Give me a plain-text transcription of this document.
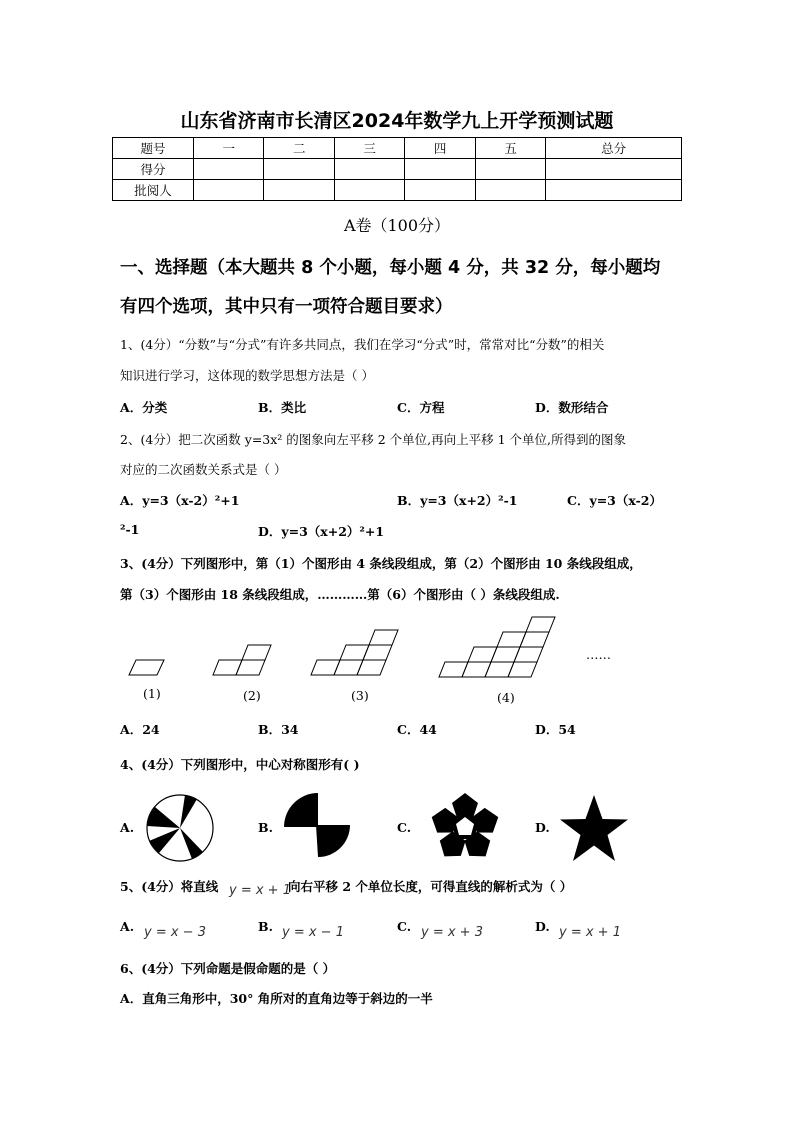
山东省济南市长清区2024年数学九上开学预测试题
题号	一	二	三	四	五	总分
得分						
批阅人						
A卷（100分）
一、选择题（本大题共 8 个小题，每小题 4 分，共 32 分，每小题均
有四个选项，其中只有一项符合题目要求）
1、(4分）“分数”与“分式”有许多共同点，我们在学习“分式”时，常常对比“分数”的相关
知识进行学习，这体现的数学思想方法是（ ）
A．分类	B．类比	C．方程	D．数形结合
2、(4分）把二次函数 y=3x² 的图象向左平移 2 个单位,再向上平移 1 个单位,所得到的图象
对应的二次函数关系式是（ ）
A．y=3（x-2）²+1	B．y=3（x+2）²-1	C．y=3（x-2）
²-1	D．y=3（x+2）²+1
3、(4分）下列图形中，第（1）个图形由 4 条线段组成，第（2）个图形由 10 条线段组成，
第（3）个图形由 18 条线段组成，…………第（6）个图形由（ ）条线段组成.
(1)	(2)	(3)	(4)
……
A．24	B．34	C．44	D．54
4、(4分）下列图形中，中心对称图形有( )
A.	B.	C.	D.
5、(4分）将直线 y = x + 1
向右平移 2 个单位长度，可得直线的解析式为（ ）
A. y = x − 3	B. y = x − 1	C. y = x + 3	D. y = x + 1
6、(4分）下列命题是假命题的是（ ）
A．直角三角形中，30° 角所对的直角边等于斜边的一半
